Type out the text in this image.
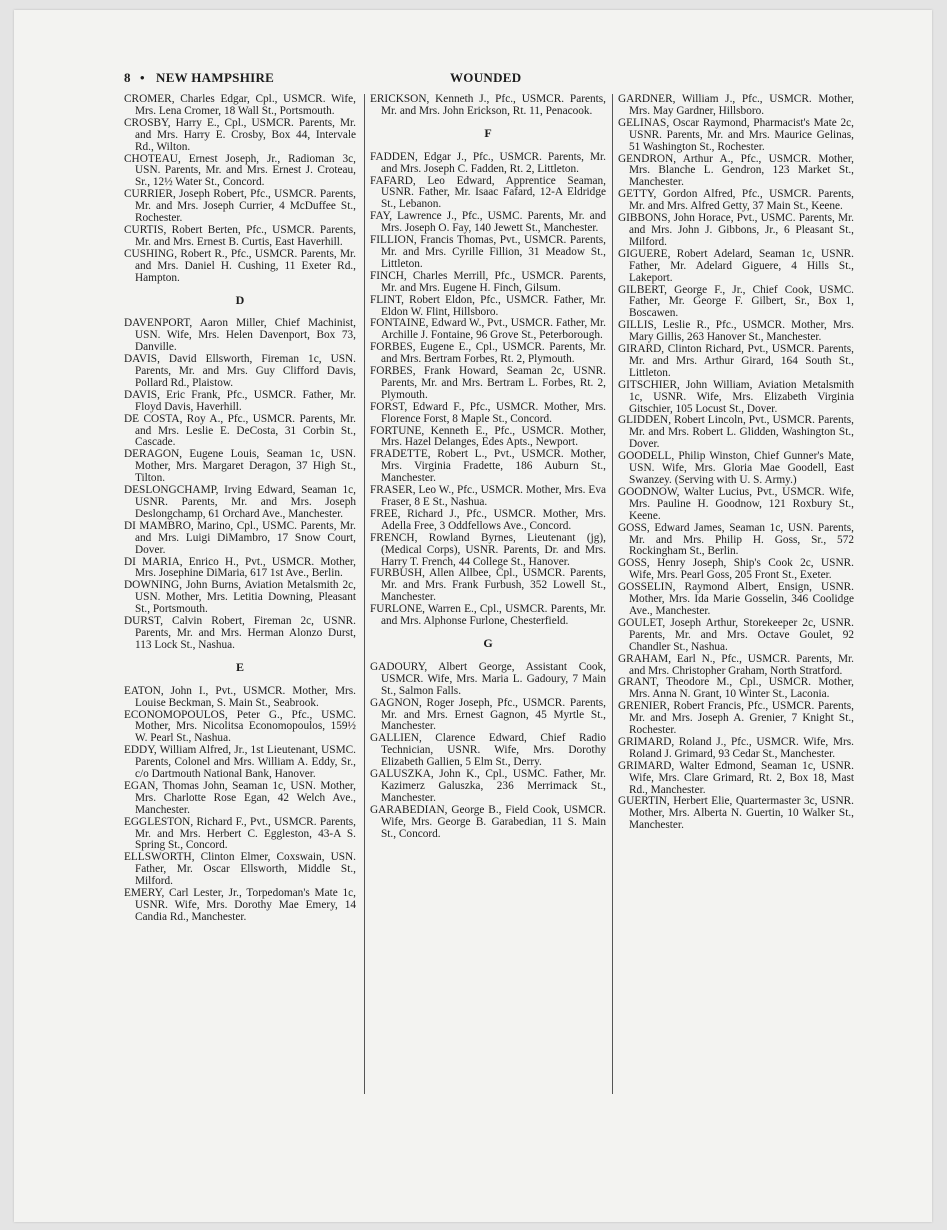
8 • NEW HAMPSHIRE	WOUNDED
CROMER, Charles Edgar, Cpl., USMCR. Wife, Mrs. Lena Cromer, 18 Wall St., Portsmouth.
CROSBY, Harry E., Cpl., USMCR. Parents, Mr. and Mrs. Harry E. Crosby, Box 44, Intervale Rd., Wilton.
CHOTEAU, Ernest Joseph, Jr., Radioman 3c, USN. Parents, Mr. and Mrs. Ernest J. Croteau, Sr., 12½ Water St., Concord.
CURRIER, Joseph Robert, Pfc., USMCR. Parents, Mr. and Mrs. Joseph Currier, 4 McDuffee St., Rochester.
CURTIS, Robert Berten, Pfc., USMCR. Parents, Mr. and Mrs. Ernest B. Curtis, East Haverhill.
CUSHING, Robert R., Pfc., USMCR. Parents, Mr. and Mrs. Daniel H. Cushing, 11 Exeter Rd., Hampton.
D
DAVENPORT, Aaron Miller, Chief Machinist, USN. Wife, Mrs. Helen Davenport, Box 73, Danville.
DAVIS, David Ellsworth, Fireman 1c, USN. Parents, Mr. and Mrs. Guy Clifford Davis, Pollard Rd., Plaistow.
DAVIS, Eric Frank, Pfc., USMCR. Father, Mr. Floyd Davis, Haverhill.
DE COSTA, Roy A., Pfc., USMCR. Parents, Mr. and Mrs. Leslie E. DeCosta, 31 Corbin St., Cascade.
DERAGON, Eugene Louis, Seaman 1c, USN. Mother, Mrs. Margaret Deragon, 37 High St., Tilton.
DESLONGCHAMP, Irving Edward, Seaman 1c, USNR. Parents, Mr. and Mrs. Joseph Deslongchamp, 61 Orchard Ave., Manchester.
DI MAMBRO, Marino, Cpl., USMC. Parents, Mr. and Mrs. Luigi DiMambro, 17 Snow Court, Dover.
DI MARIA, Enrico H., Pvt., USMCR. Mother, Mrs. Josephine DiMaria, 617 1st Ave., Berlin.
DOWNING, John Burns, Aviation Metalsmith 2c, USN. Mother, Mrs. Letitia Downing, Pleasant St., Portsmouth.
DURST, Calvin Robert, Fireman 2c, USNR. Parents, Mr. and Mrs. Herman Alonzo Durst, 113 Lock St., Nashua.
E
EATON, John I., Pvt., USMCR. Mother, Mrs. Louise Beckman, S. Main St., Seabrook.
ECONOMOPOULOS, Peter G., Pfc., USMC. Mother, Mrs. Nicolitsa Economopoulos, 159½ W. Pearl St., Nashua.
EDDY, William Alfred, Jr., 1st Lieutenant, USMC. Parents, Colonel and Mrs. William A. Eddy, Sr., c/o Dartmouth National Bank, Hanover.
EGAN, Thomas John, Seaman 1c, USN. Mother, Mrs. Charlotte Rose Egan, 42 Welch Ave., Manchester.
EGGLESTON, Richard F., Pvt., USMCR. Parents, Mr. and Mrs. Herbert C. Eggleston, 43-A S. Spring St., Concord.
ELLSWORTH, Clinton Elmer, Coxswain, USN. Father, Mr. Oscar Ellsworth, Middle St., Milford.
EMERY, Carl Lester, Jr., Torpedoman's Mate 1c, USNR. Wife, Mrs. Dorothy Mae Emery, 14 Candia Rd., Manchester.
ERICKSON, Kenneth J., Pfc., USMCR. Parents, Mr. and Mrs. John Erickson, Rt. 11, Penacook.
F
FADDEN, Edgar J., Pfc., USMCR. Parents, Mr. and Mrs. Joseph C. Fadden, Rt. 2, Littleton.
FAFARD, Leo Edward, Apprentice Seaman, USNR. Father, Mr. Isaac Fafard, 12-A Eldridge St., Lebanon.
FAY, Lawrence J., Pfc., USMC. Parents, Mr. and Mrs. Joseph O. Fay, 140 Jewett St., Manchester.
FILLION, Francis Thomas, Pvt., USMCR. Parents, Mr. and Mrs. Cyrille Fillion, 31 Meadow St., Littleton.
FINCH, Charles Merrill, Pfc., USMCR. Parents, Mr. and Mrs. Eugene H. Finch, Gilsum.
FLINT, Robert Eldon, Pfc., USMCR. Father, Mr. Eldon W. Flint, Hillsboro.
FONTAINE, Edward W., Pvt., USMCR. Father, Mr. Archille J. Fontaine, 96 Grove St., Peterborough.
FORBES, Eugene E., Cpl., USMCR. Parents, Mr. and Mrs. Bertram Forbes, Rt. 2, Plymouth.
FORBES, Frank Howard, Seaman 2c, USNR. Parents, Mr. and Mrs. Bertram L. Forbes, Rt. 2, Plymouth.
FORST, Edward F., Pfc., USMCR. Mother, Mrs. Florence Forst, 8 Maple St., Concord.
FORTUNE, Kenneth E., Pfc., USMCR. Mother, Mrs. Hazel Delanges, Edes Apts., Newport.
FRADETTE, Robert L., Pvt., USMCR. Mother, Mrs. Virginia Fradette, 186 Auburn St., Manchester.
FRASER, Leo W., Pfc., USMCR. Mother, Mrs. Eva Fraser, 8 E St., Nashua.
FREE, Richard J., Pfc., USMCR. Mother, Mrs. Adella Free, 3 Oddfellows Ave., Concord.
FRENCH, Rowland Byrnes, Lieutenant (jg), (Medical Corps), USNR. Parents, Dr. and Mrs. Harry T. French, 44 College St., Hanover.
FURBUSH, Allen Allbee, Cpl., USMCR. Parents, Mr. and Mrs. Frank Furbush, 352 Lowell St., Manchester.
FURLONE, Warren E., Cpl., USMCR. Parents, Mr. and Mrs. Alphonse Furlone, Chesterfield.
G
GADOURY, Albert George, Assistant Cook, USMCR. Wife, Mrs. Maria L. Gadoury, 7 Main St., Salmon Falls.
GAGNON, Roger Joseph, Pfc., USMCR. Parents, Mr. and Mrs. Ernest Gagnon, 45 Myrtle St., Manchester.
GALLIEN, Clarence Edward, Chief Radio Technician, USNR. Wife, Mrs. Dorothy Elizabeth Gallien, 5 Elm St., Derry.
GALUSZKA, John K., Cpl., USMC. Father, Mr. Kazimerz Galuszka, 236 Merrimack St., Manchester.
GARABEDIAN, George B., Field Cook, USMCR. Wife, Mrs. George B. Garabedian, 11 S. Main St., Concord.
GARDNER, William J., Pfc., USMCR. Mother, Mrs. May Gardner, Hillsboro.
GELINAS, Oscar Raymond, Pharmacist's Mate 2c, USNR. Parents, Mr. and Mrs. Maurice Gelinas, 51 Washington St., Rochester.
GENDRON, Arthur A., Pfc., USMCR. Mother, Mrs. Blanche L. Gendron, 123 Market St., Manchester.
GETTY, Gordon Alfred, Pfc., USMCR. Parents, Mr. and Mrs. Alfred Getty, 37 Main St., Keene.
GIBBONS, John Horace, Pvt., USMC. Parents, Mr. and Mrs. John J. Gibbons, Jr., 6 Pleasant St., Milford.
GIGUERE, Robert Adelard, Seaman 1c, USNR. Father, Mr. Adelard Giguere, 4 Hills St., Lakeport.
GILBERT, George F., Jr., Chief Cook, USMC. Father, Mr. George F. Gilbert, Sr., Box 1, Boscawen.
GILLIS, Leslie R., Pfc., USMCR. Mother, Mrs. Mary Gillis, 263 Hanover St., Manchester.
GIRARD, Clinton Richard, Pvt., USMCR. Parents, Mr. and Mrs. Arthur Girard, 164 South St., Littleton.
GITSCHIER, John William, Aviation Metalsmith 1c, USNR. Wife, Mrs. Elizabeth Virginia Gitschier, 105 Locust St., Dover.
GLIDDEN, Robert Lincoln, Pvt., USMCR. Parents, Mr. and Mrs. Robert L. Glidden, Washington St., Dover.
GOODELL, Philip Winston, Chief Gunner's Mate, USN. Wife, Mrs. Gloria Mae Goodell, East Swanzey. (Serving with U. S. Army.)
GOODNOW, Walter Lucius, Pvt., USMCR. Wife, Mrs. Pauline H. Goodnow, 121 Roxbury St., Keene.
GOSS, Edward James, Seaman 1c, USN. Parents, Mr. and Mrs. Philip H. Goss, Sr., 572 Rockingham St., Berlin.
GOSS, Henry Joseph, Ship's Cook 2c, USNR. Wife, Mrs. Pearl Goss, 205 Front St., Exeter.
GOSSELIN, Raymond Albert, Ensign, USNR. Mother, Mrs. Ida Marie Gosselin, 346 Coolidge Ave., Manchester.
GOULET, Joseph Arthur, Storekeeper 2c, USNR. Parents, Mr. and Mrs. Octave Goulet, 92 Chandler St., Nashua.
GRAHAM, Earl N., Pfc., USMCR. Parents, Mr. and Mrs. Christopher Graham, North Stratford.
GRANT, Theodore M., Cpl., USMCR. Mother, Mrs. Anna N. Grant, 10 Winter St., Laconia.
GRENIER, Robert Francis, Pfc., USMCR. Parents, Mr. and Mrs. Joseph A. Grenier, 7 Knight St., Rochester.
GRIMARD, Roland J., Pfc., USMCR. Wife, Mrs. Roland J. Grimard, 93 Cedar St., Manchester.
GRIMARD, Walter Edmond, Seaman 1c, USNR. Wife, Mrs. Clare Grimard, Rt. 2, Box 18, Mast Rd., Manchester.
GUERTIN, Herbert Elie, Quartermaster 3c, USNR. Mother, Mrs. Alberta N. Guertin, 10 Walker St., Manchester.
